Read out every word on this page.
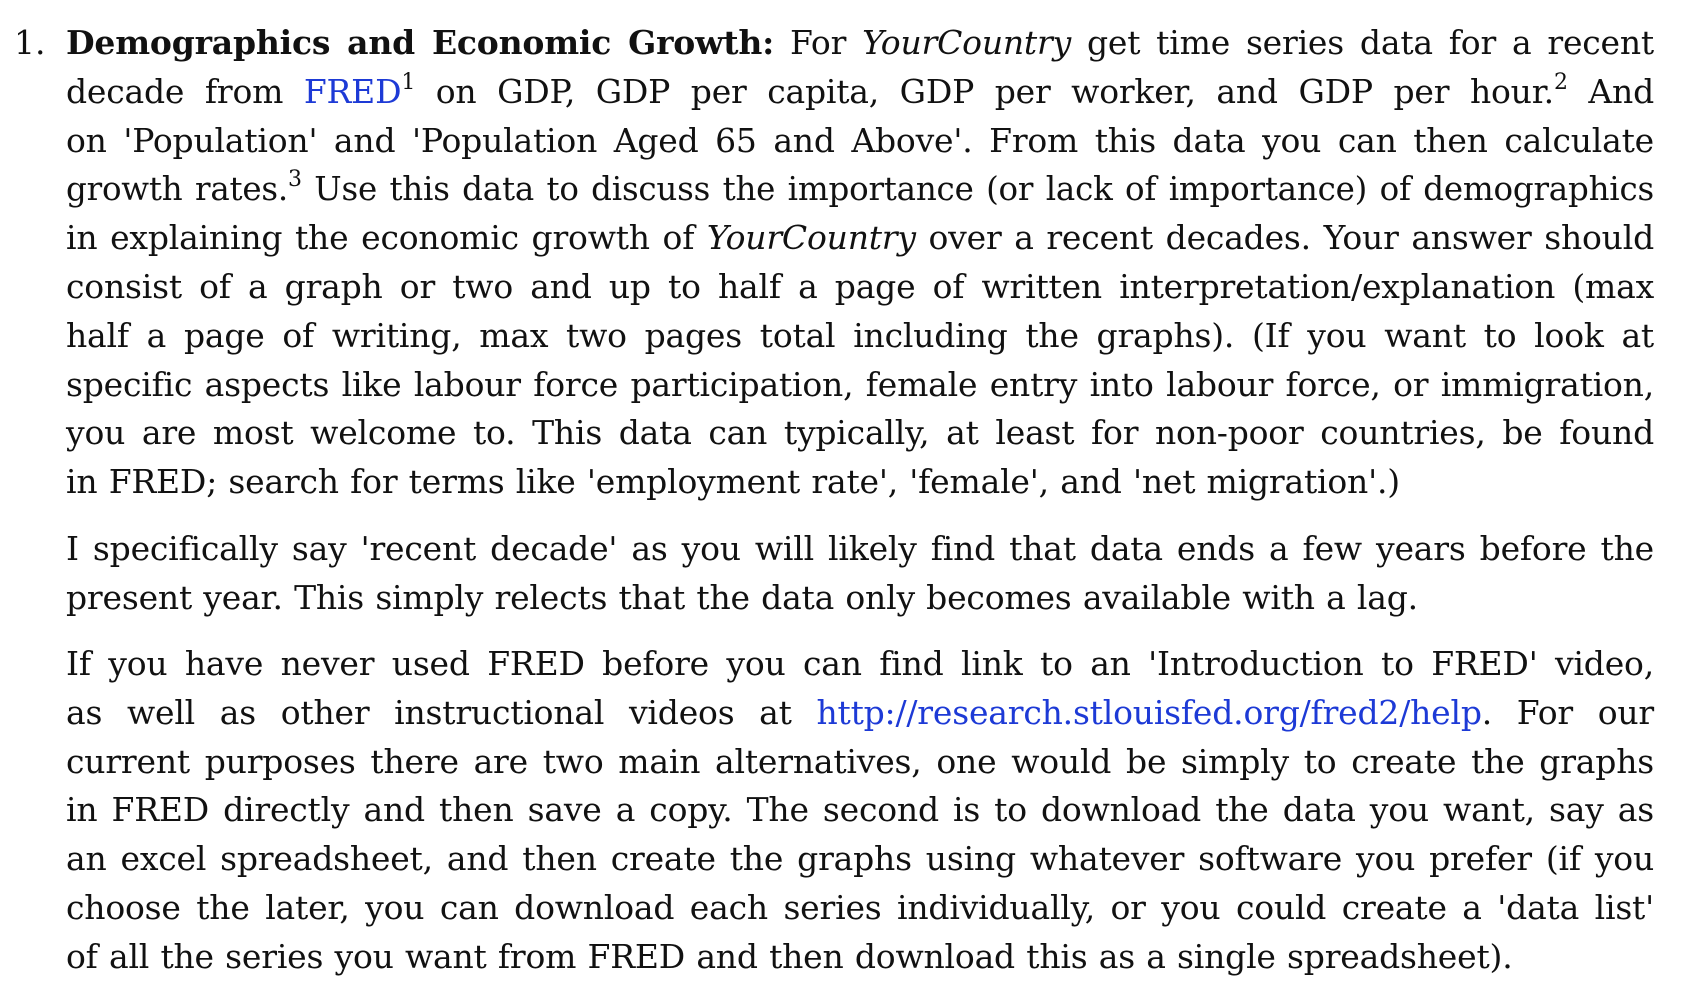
1. Demographics and Economic Growth: For YourCountry get time series data for a recent
decade from FRED$^1$ on GDP, GDP per capita, GDP per worker, and GDP per hour.$^2$ And
on 'Population' and 'Population Aged 65 and Above'. From this data you can then calculate
growth rates.$^3$ Use this data to discuss the importance (or lack of importance) of demographics
in explaining the economic growth of YourCountry over a recent decades. Your answer should
consist of a graph or two and up to half a page of written interpretation/explanation (max
half a page of writing, max two pages total including the graphs). (If you want to look at
specific aspects like labour force participation, female entry into labour force, or immigration,
you are most welcome to. This data can typically, at least for non-poor countries, be found
in FRED; search for terms like 'employment rate', 'female', and 'net migration'.)
I specifically say 'recent decade' as you will likely find that data ends a few years before the
present year. This simply relects that the data only becomes available with a lag.
If you have never used FRED before you can find link to an 'Introduction to FRED' video,
as well as other instructional videos at http://research.stlouisfed.org/fred2/help. For our
current purposes there are two main alternatives, one would be simply to create the graphs
in FRED directly and then save a copy. The second is to download the data you want, say as
an excel spreadsheet, and then create the graphs using whatever software you prefer (if you
choose the later, you can download each series individually, or you could create a 'data list'
of all the series you want from FRED and then download this as a single spreadsheet).
